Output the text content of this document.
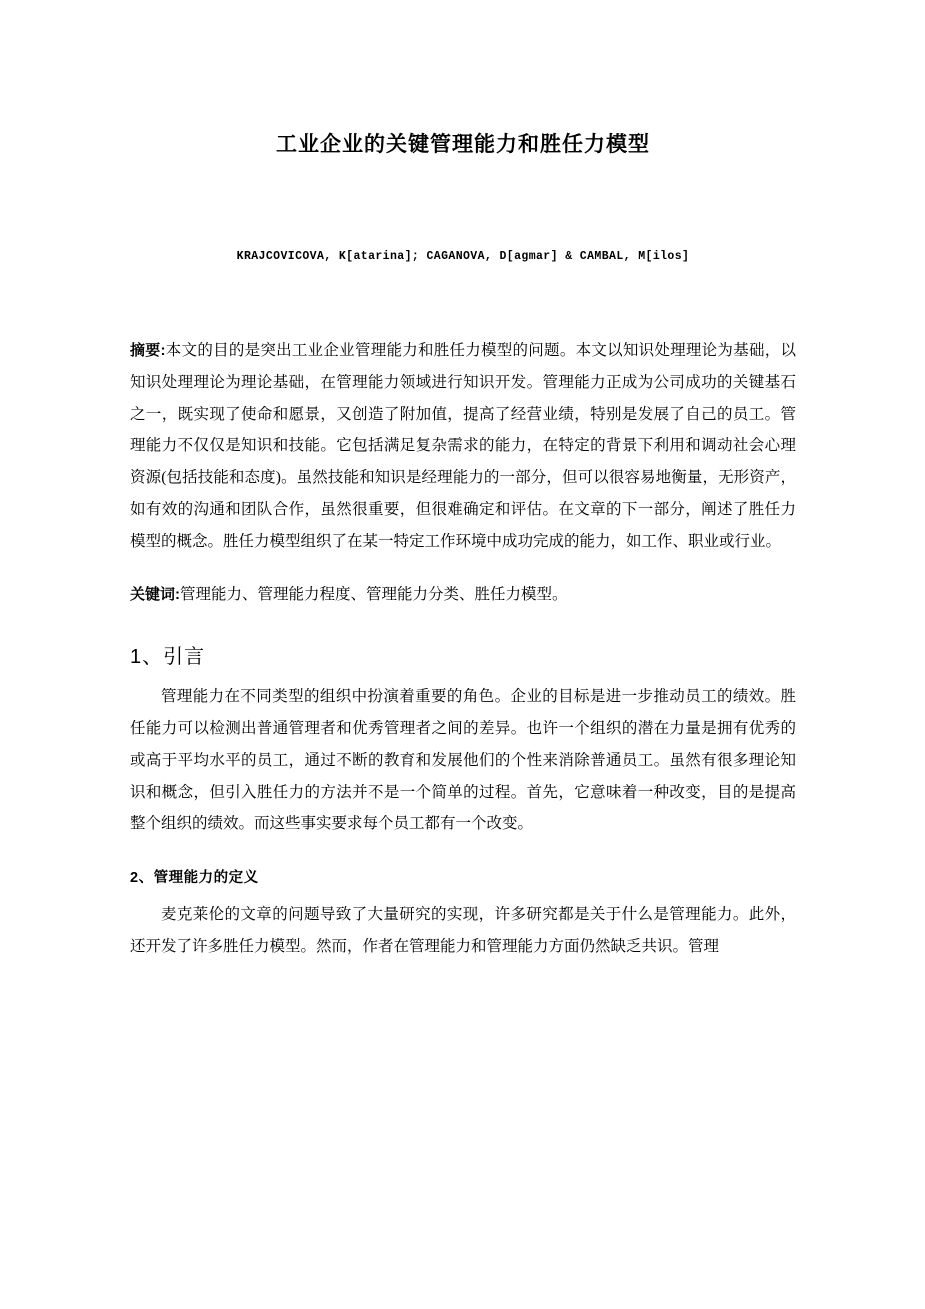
工业企业的关键管理能力和胜任力模型
KRAJCOVICOVA, K[atarina]; CAGANOVA, D[agmar] & CAMBAL, M[ilos]
摘要:本文的目的是突出工业企业管理能力和胜任力模型的问题。本文以知识处理理论为基础，以知识处理理论为理论基础，在管理能力领域进行知识开发。管理能力正成为公司成功的关键基石之一，既实现了使命和愿景，又创造了附加值，提高了经营业绩，特别是发展了自己的员工。管理能力不仅仅是知识和技能。它包括满足复杂需求的能力，在特定的背景下利用和调动社会心理资源(包括技能和态度)。虽然技能和知识是经理能力的一部分，但可以很容易地衡量，无形资产，如有效的沟通和团队合作，虽然很重要，但很难确定和评估。在文章的下一部分，阐述了胜任力模型的概念。胜任力模型组织了在某一特定工作环境中成功完成的能力，如工作、职业或行业。
关键词:管理能力、管理能力程度、管理能力分类、胜任力模型。
1、引言
管理能力在不同类型的组织中扮演着重要的角色。企业的目标是进一步推动员工的绩效。胜任能力可以检测出普通管理者和优秀管理者之间的差异。也许一个组织的潜在力量是拥有优秀的或高于平均水平的员工，通过不断的教育和发展他们的个性来消除普通员工。虽然有很多理论知识和概念，但引入胜任力的方法并不是一个简单的过程。首先，它意味着一种改变，目的是提高整个组织的绩效。而这些事实要求每个员工都有一个改变。
2、管理能力的定义
麦克莱伦的文章的问题导致了大量研究的实现，许多研究都是关于什么是管理能力。此外，还开发了许多胜任力模型。然而，作者在管理能力和管理能力方面仍然缺乏共识。管理
